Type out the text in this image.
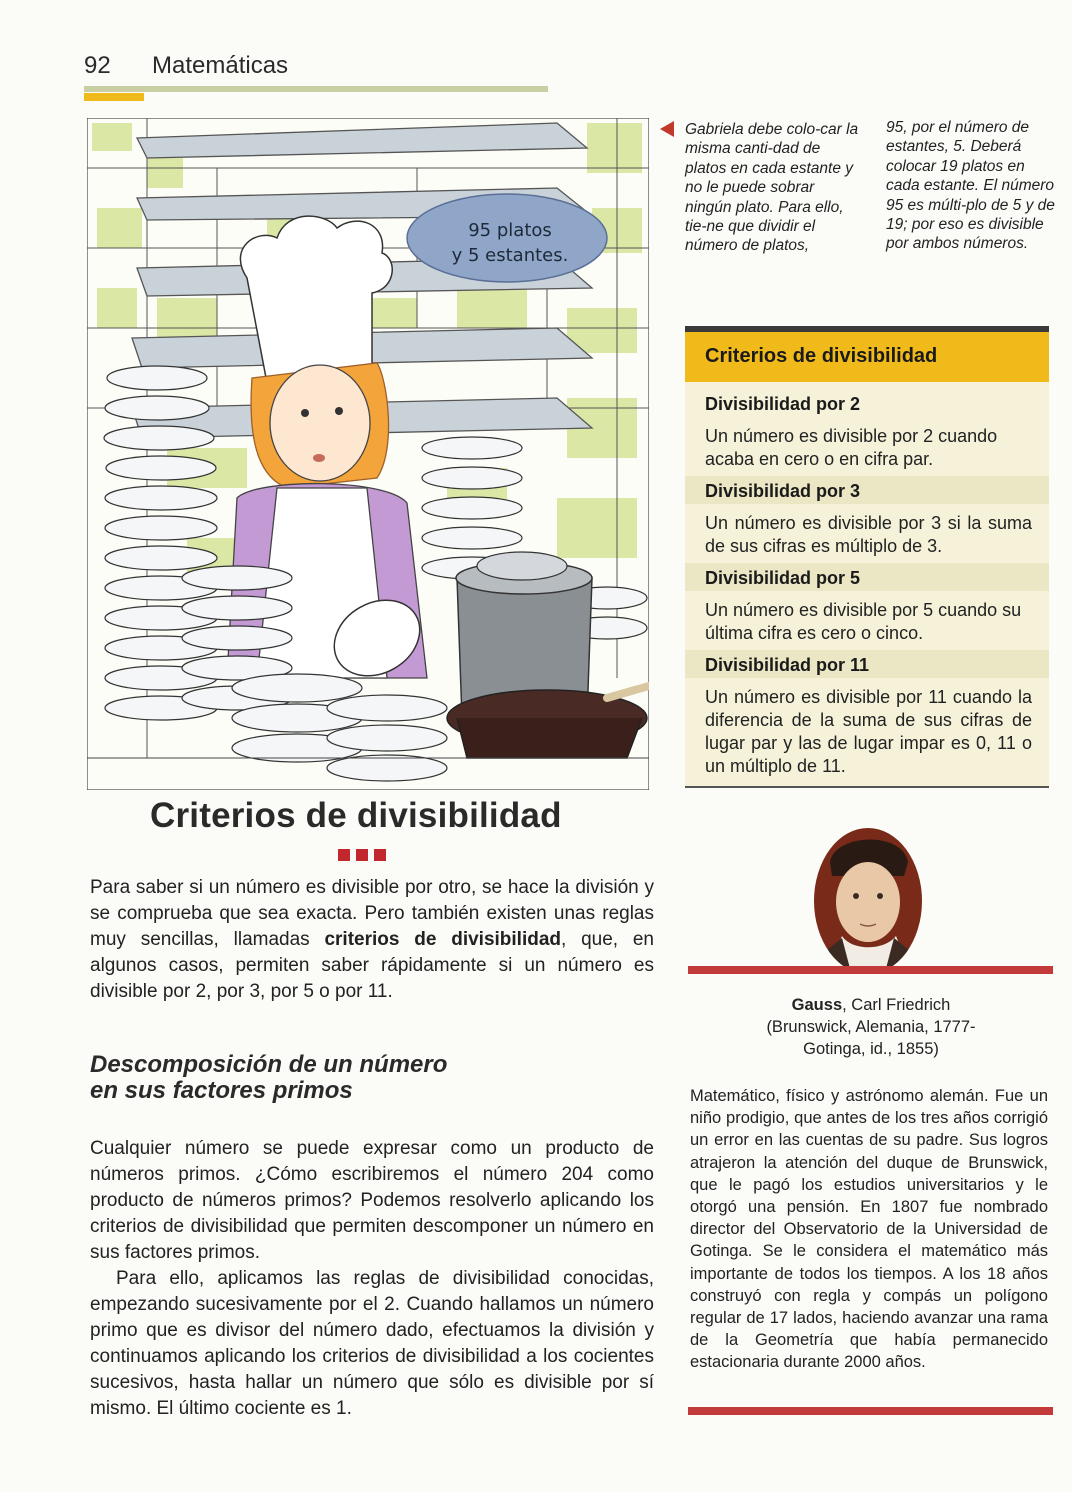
92 Matemáticas
95 platos
y 5 estantes.
Gabriela debe colo-car la misma canti-dad de platos en cada estante y no le puede sobrar ningún plato. Para ello, tie-ne que dividir el número de platos,
95, por el número de estantes, 5. Deberá colocar 19 platos en cada estante. El número 95 es múlti-plo de 5 y de 19; por eso es divisible por ambos números.
Criterios de divisibilidad
Divisibilidad por 2
Un número es divisible por 2 cuando acaba en cero o en cifra par.
Divisibilidad por 3
Un número es divisible por 3 si la suma de sus cifras es múltiplo de 3.
Divisibilidad por 5
Un número es divisible por 5 cuando su última cifra es cero o cinco.
Divisibilidad por 11
Un número es divisible por 11 cuando la diferencia de la suma de sus cifras de lugar par y las de lugar impar es 0, 11 o un múltiplo de 11.
Criterios de divisibilidad
Para saber si un número es divisible por otro, se hace la división y se comprueba que sea exacta. Pero también existen unas reglas muy sencillas, llamadas criterios de divisibilidad, que, en algunos casos, permiten saber rápidamente si un número es divisible por 2, por 3, por 5 o por 11.
Descomposición de un número
en sus factores primos
Cualquier número se puede expresar como un producto de números primos. ¿Cómo escribiremos el número 204 como producto de números primos? Podemos resolverlo aplicando los criterios de divisibilidad que permiten descomponer un número en sus factores primos.
Para ello, aplicamos las reglas de divisibilidad conocidas, empezando sucesivamente por el 2. Cuando hallamos un número primo que es divisor del número dado, efectuamos la división y continuamos aplicando los criterios de divisibilidad a los cocientes sucesivos, hasta hallar un número que sólo es divisible por sí mismo. El último cociente es 1.
Gauss, Carl Friedrich
(Brunswick, Alemania, 1777-
Gotinga, id., 1855)
Matemático, físico y astrónomo alemán. Fue un niño prodigio, que antes de los tres años corrigió un error en las cuentas de su padre. Sus logros atrajeron la atención del duque de Brunswick, que le pagó los estudios universitarios y le otorgó una pensión. En 1807 fue nombrado director del Observatorio de la Universidad de Gotinga. Se le considera el matemático más importante de todos los tiempos. A los 18 años construyó con regla y compás un polígono regular de 17 lados, haciendo avanzar una rama de la Geometría que había permanecido estacionaria durante 2000 años.
